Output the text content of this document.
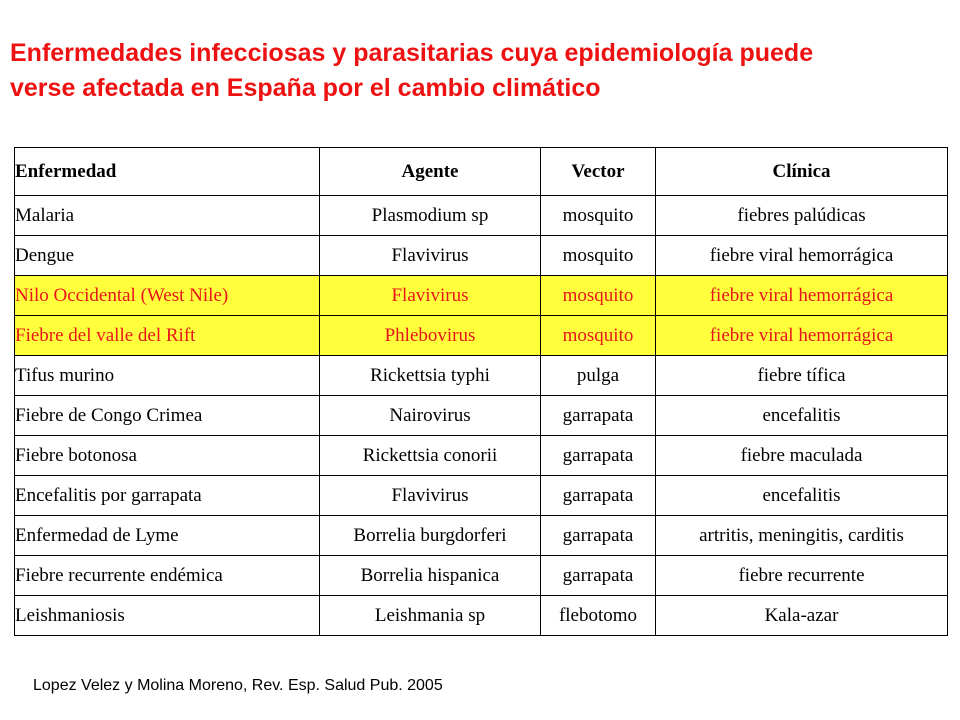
Enfermedades infecciosas y parasitarias cuya epidemiología puede
verse afectada en España por el cambio climático
Enfermedad	Agente	Vector	Clínica
Malaria	Plasmodium sp	mosquito	fiebres palúdicas
Dengue	Flavivirus	mosquito	fiebre viral hemorrágica
Nilo Occidental (West Nile)	Flavivirus	mosquito	fiebre viral hemorrágica
Fiebre del valle del Rift	Phlebovirus	mosquito	fiebre viral hemorrágica
Tifus murino	Rickettsia typhi	pulga	fiebre tífica
Fiebre de Congo Crimea	Nairovirus	garrapata	encefalitis
Fiebre botonosa	Rickettsia conorii	garrapata	fiebre maculada
Encefalitis por garrapata	Flavivirus	garrapata	encefalitis
Enfermedad de Lyme	Borrelia burgdorferi	garrapata	artritis, meningitis, carditis
Fiebre recurrente endémica	Borrelia hispanica	garrapata	fiebre recurrente
Leishmaniosis	Leishmania sp	flebotomo	Kala-azar
Lopez Velez y Molina Moreno, Rev. Esp. Salud Pub. 2005
